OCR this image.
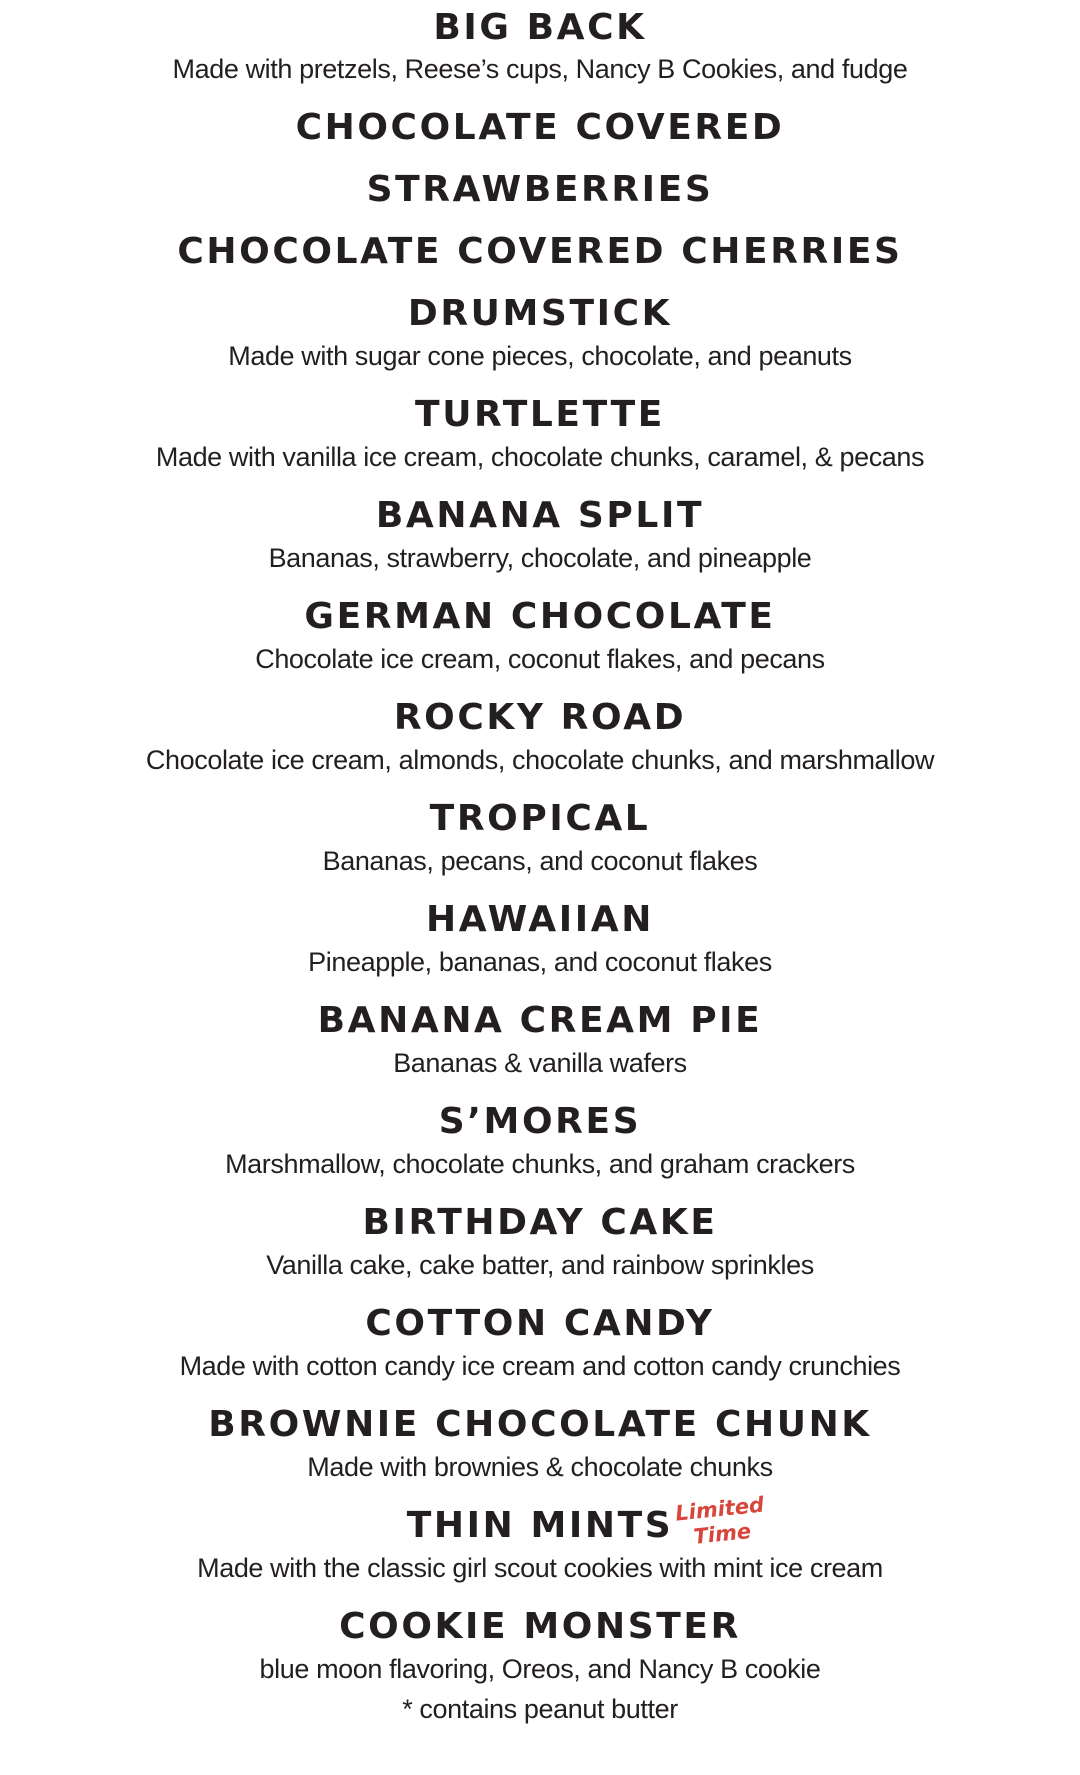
BIG BACK
Made with pretzels, Reese’s cups, Nancy B Cookies, and fudge
CHOCOLATE COVERED
STRAWBERRIES
CHOCOLATE COVERED CHERRIES
DRUMSTICK
Made with sugar cone pieces, chocolate, and peanuts
TURTLETTE
Made with vanilla ice cream, chocolate chunks, caramel, & pecans
BANANA SPLIT
Bananas, strawberry, chocolate, and pineapple
GERMAN CHOCOLATE
Chocolate ice cream, coconut flakes, and pecans
ROCKY ROAD
Chocolate ice cream, almonds, chocolate chunks, and marshmallow
TROPICAL
Bananas, pecans, and coconut flakes
HAWAIIAN
Pineapple, bananas, and coconut flakes
BANANA CREAM PIE
Bananas & vanilla wafers
S’MORES
Marshmallow, chocolate chunks, and graham crackers
BIRTHDAY CAKE
Vanilla cake, cake batter, and rainbow sprinkles
COTTON CANDY
Made with cotton candy ice cream and cotton candy crunchies
BROWNIE CHOCOLATE CHUNK
Made with brownies & chocolate chunks
THIN MINTS Limited
Time
Made with the classic girl scout cookies with mint ice cream
COOKIE MONSTER
blue moon flavoring, Oreos, and Nancy B cookie
* contains peanut butter
